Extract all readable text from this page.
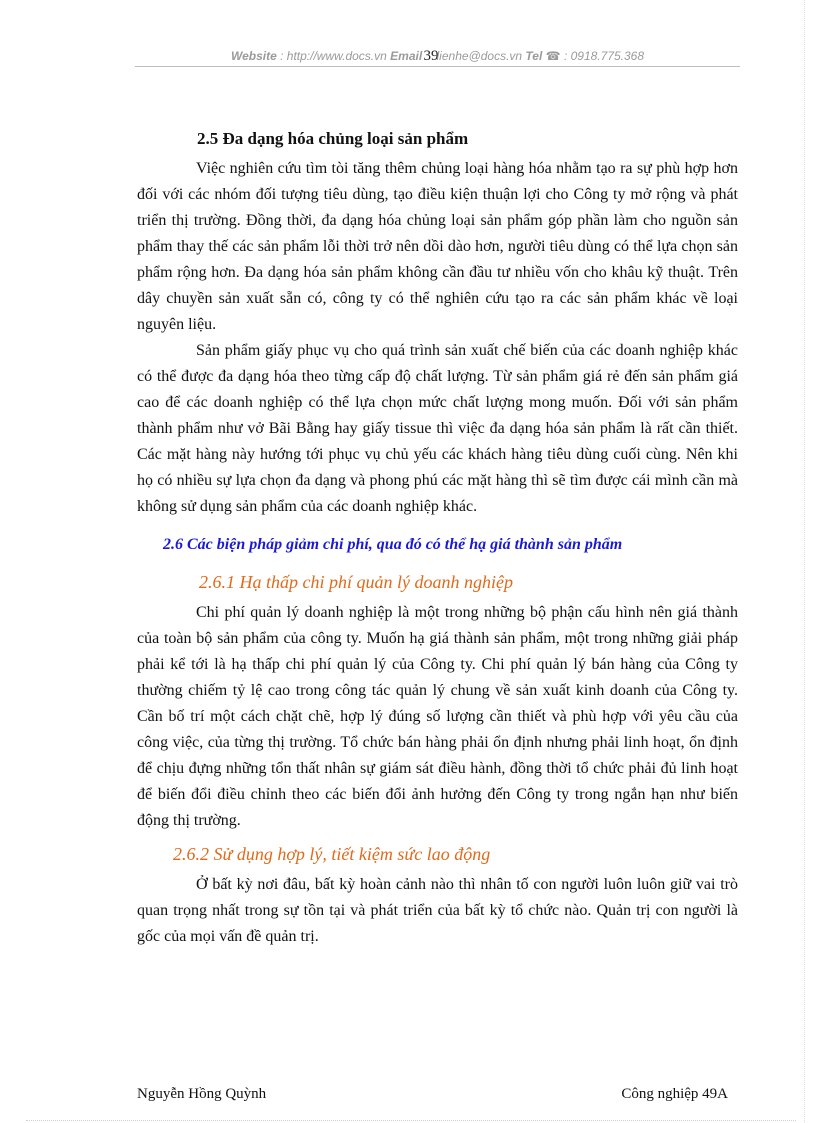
Website : http://www.docs.vn Email 39lienhe@docs.vn Tel ☎ : 0918.775.368
2.5 Đa dạng hóa chủng loại sản phẩm

Việc nghiên cứu tìm tòi tăng thêm chủng loại hàng hóa nhằm tạo ra sự phù hợp hơn đối với các nhóm đối tượng tiêu dùng, tạo điều kiện thuận lợi cho Công ty mở rộng và phát triển thị trường. Đồng thời, đa dạng hóa chủng loại sản phẩm góp phần làm cho nguồn sản phẩm thay thế các sản phẩm lỗi thời trở nên dồi dào hơn, người tiêu dùng có thể lựa chọn sản phẩm rộng hơn. Đa dạng hóa sản phẩm không cần đầu tư nhiều vốn cho khâu kỹ thuật. Trên dây chuyền sản xuất sẵn có, công ty có thể nghiên cứu tạo ra các sản phẩm khác về loại nguyên liệu.

Sản phẩm giấy phục vụ cho quá trình sản xuất chế biến của các doanh nghiệp khác có thể được đa dạng hóa theo từng cấp độ chất lượng. Từ sản phẩm giá rẻ đến sản phẩm giá cao để các doanh nghiệp có thể lựa chọn mức chất lượng mong muốn. Đối với sản phẩm thành phẩm như vở Bãi Bằng hay giấy tissue thì việc đa dạng hóa sản phẩm là rất cần thiết. Các mặt hàng này hướng tới phục vụ chủ yếu các khách hàng tiêu dùng cuối cùng. Nên khi họ có nhiều sự lựa chọn đa dạng và phong phú các mặt hàng thì sẽ tìm được cái mình cần mà không sử dụng sản phẩm của các doanh nghiệp khác.

2.6 Các biện pháp giảm chi phí, qua đó có thể hạ giá thành sản phẩm
2.6.1 Hạ thấp chi phí quản lý doanh nghiệp

Chi phí quản lý doanh nghiệp là một trong những bộ phận cấu hình nên giá thành của toàn bộ sản phẩm của công ty. Muốn hạ giá thành sản phẩm, một trong những giải pháp phải kể tới là hạ thấp chi phí quản lý của Công ty. Chi phí quản lý bán hàng của Công ty thường chiếm tỷ lệ cao trong công tác quản lý chung về sản xuất kinh doanh của Công ty. Cần bố trí một cách chặt chẽ, hợp lý đúng số lượng cần thiết và phù hợp với yêu cầu của công việc, của từng thị trường. Tổ chức bán hàng phải ổn định nhưng phải linh hoạt, ổn định để chịu đựng những tổn thất nhân sự giám sát điều hành, đồng thời tổ chức phải đủ linh hoạt để biến đổi điều chỉnh theo các biến đổi ảnh hưởng đến Công ty trong ngắn hạn như biến động thị trường.

2.6.2 Sử dụng hợp lý, tiết kiệm sức lao động

Ở bất kỳ nơi đâu, bất kỳ hoàn cảnh nào thì nhân tố con người luôn luôn giữ vai trò quan trọng nhất trong sự tồn tại và phát triển của bất kỳ tổ chức nào. Quản trị con người là gốc của mọi vấn đề quản trị.

Nguyễn Hồng Quỳnh	Công nghiệp 49A
